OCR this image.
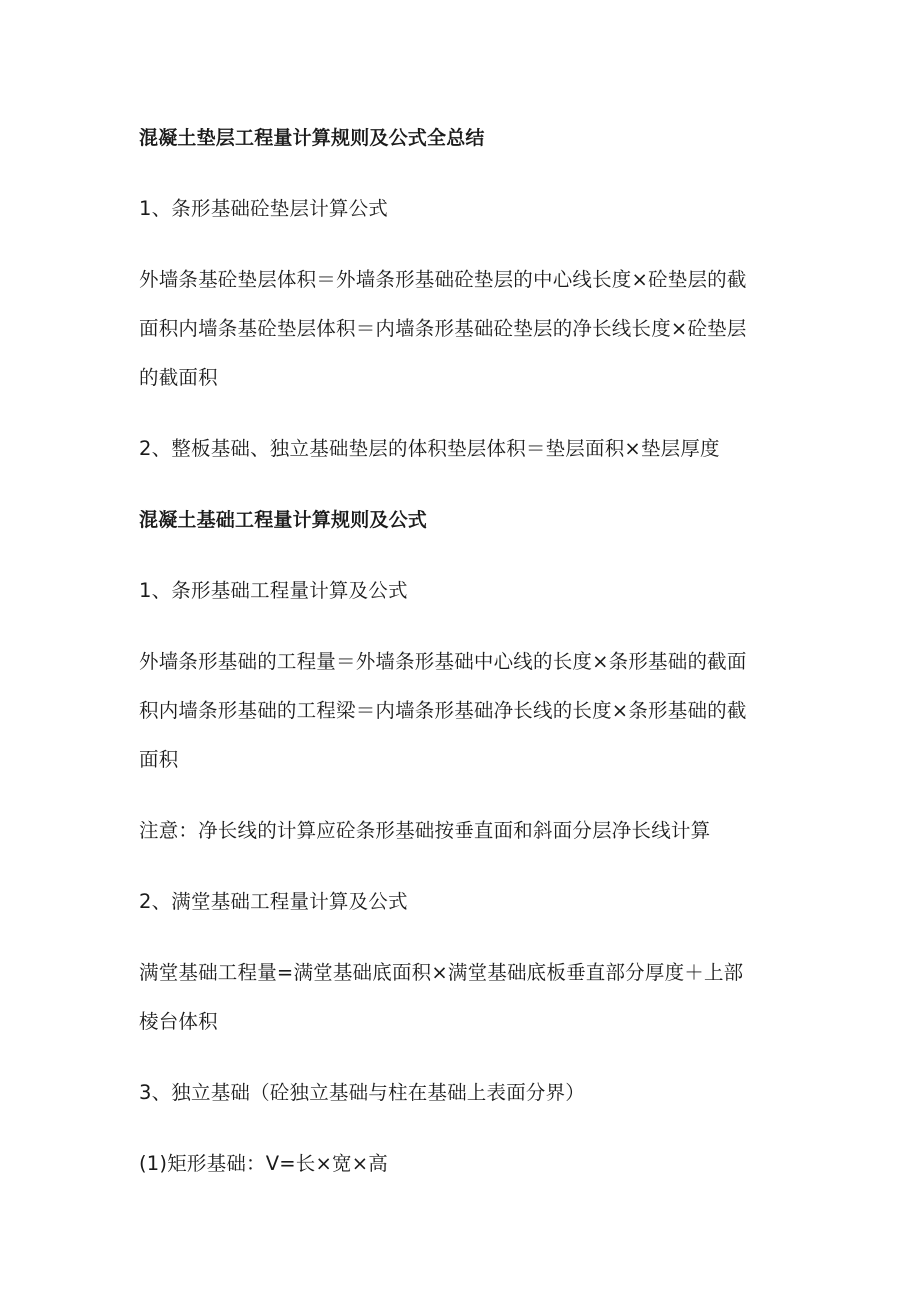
混凝土垫层工程量计算规则及公式全总结
1、条形基础砼垫层计算公式
外墙条基砼垫层体积＝外墙条形基础砼垫层的中心线长度×砼垫层的截
面积内墙条基砼垫层体积＝内墙条形基础砼垫层的净长线长度×砼垫层
的截面积
2、整板基础、独立基础垫层的体积垫层体积＝垫层面积×垫层厚度
混凝土基础工程量计算规则及公式
1、条形基础工程量计算及公式
外墙条形基础的工程量＝外墙条形基础中心线的长度×条形基础的截面
积内墙条形基础的工程梁＝内墙条形基础净长线的长度×条形基础的截
面积
注意：净长线的计算应砼条形基础按垂直面和斜面分层净长线计算
2、满堂基础工程量计算及公式
满堂基础工程量=满堂基础底面积×满堂基础底板垂直部分厚度＋上部
棱台体积
3、独立基础（砼独立基础与柱在基础上表面分界）
(1)矩形基础：V=长×宽×高
